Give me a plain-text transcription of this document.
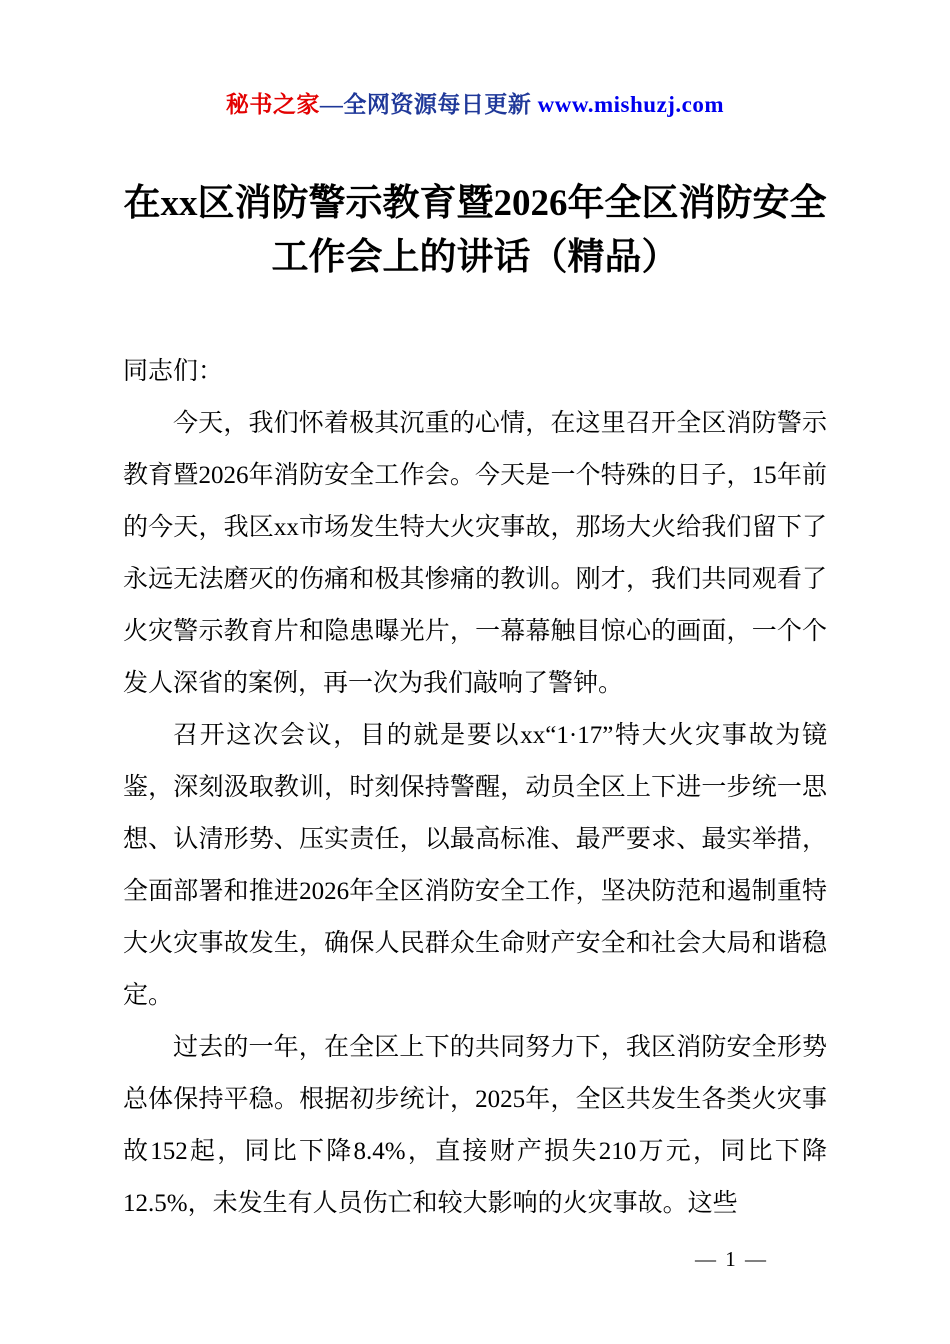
秘书之家—全网资源每日更新 www.mishuzj.com
在xx区消防警示教育暨2026年全区消防安全
工作会上的讲话（精品）

同志们：

今天，我们怀着极其沉重的心情，在这里召开全区消防警示教育暨2026年消防安全工作会。今天是一个特殊的日子，15年前的今天，我区xx市场发生特大火灾事故，那场大火给我们留下了永远无法磨灭的伤痛和极其惨痛的教训。刚才，我们共同观看了火灾警示教育片和隐患曝光片，一幕幕触目惊心的画面，一个个发人深省的案例，再一次为我们敲响了警钟。

召开这次会议，目的就是要以xx“1·17”特大火灾事故为镜鉴，深刻汲取教训，时刻保持警醒，动员全区上下进一步统一思想、认清形势、压实责任，以最高标准、最严要求、最实举措，全面部署和推进2026年全区消防安全工作，坚决防范和遏制重特大火灾事故发生，确保人民群众生命财产安全和社会大局和谐稳定。

过去的一年，在全区上下的共同努力下，我区消防安全形势总体保持平稳。根据初步统计，2025年，全区共发生各类火灾事故152起，同比下降8.4%，直接财产损失210万元，同比下降12.5%，未发生有人员伤亡和较大影响的火灾事故。这些

— 1 —
